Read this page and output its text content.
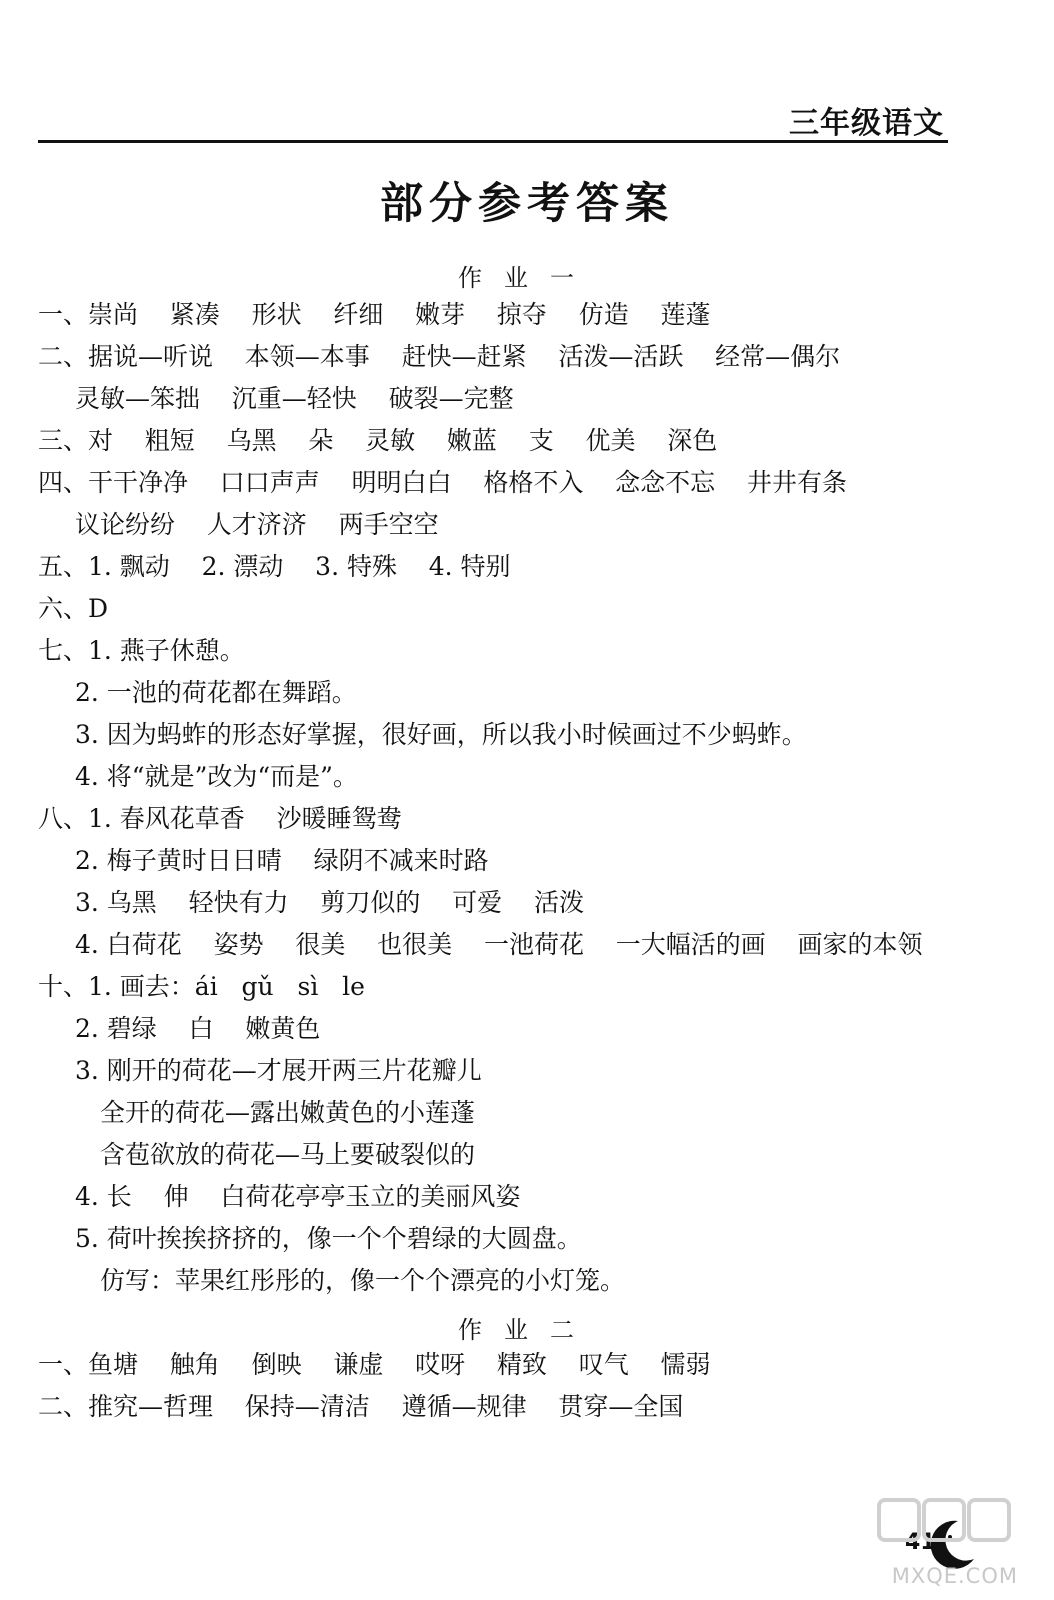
三年级语文
部分参考答案
作业一
一、崇尚    紧凑    形状    纤细    嫩芽    掠夺    仿造    莲蓬
二、据说—听说    本领—本事    赶快—赶紧    活泼—活跃    经常—偶尔
灵敏—笨拙    沉重—轻快    破裂—完整
三、对    粗短    乌黑    朵    灵敏    嫩蓝    支    优美    深色
四、干干净净    口口声声    明明白白    格格不入    念念不忘    井井有条
议论纷纷    人才济济    两手空空
五、1. 飘动    2. 漂动    3. 特殊    4. 特别
六、D
七、1. 燕子休憩。
2. 一池的荷花都在舞蹈。
3. 因为蚂蚱的形态好掌握，很好画，所以我小时候画过不少蚂蚱。
4. 将“就是”改为“而是”。
八、1. 春风花草香    沙暖睡鸳鸯
2. 梅子黄时日日晴    绿阴不减来时路
3. 乌黑    轻快有力    剪刀似的    可爱    活泼
4. 白荷花    姿势    很美    也很美    一池荷花    一大幅活的画    画家的本领
十、1. 画去：ái   gǔ   sì   le
2. 碧绿    白    嫩黄色
3. 刚开的荷花—才展开两三片花瓣儿
全开的荷花—露出嫩黄色的小莲蓬
含苞欲放的荷花—马上要破裂似的
4. 长    伸    白荷花亭亭玉立的美丽风姿
5. 荷叶挨挨挤挤的，像一个个碧绿的大圆盘。
仿写：苹果红彤彤的，像一个个漂亮的小灯笼。
作业二
一、鱼塘    触角    倒映    谦虚    哎呀    精致    叹气    懦弱
二、推究—哲理    保持—清洁    遵循—规律    贯穿—全国
41
MXQE.COM
